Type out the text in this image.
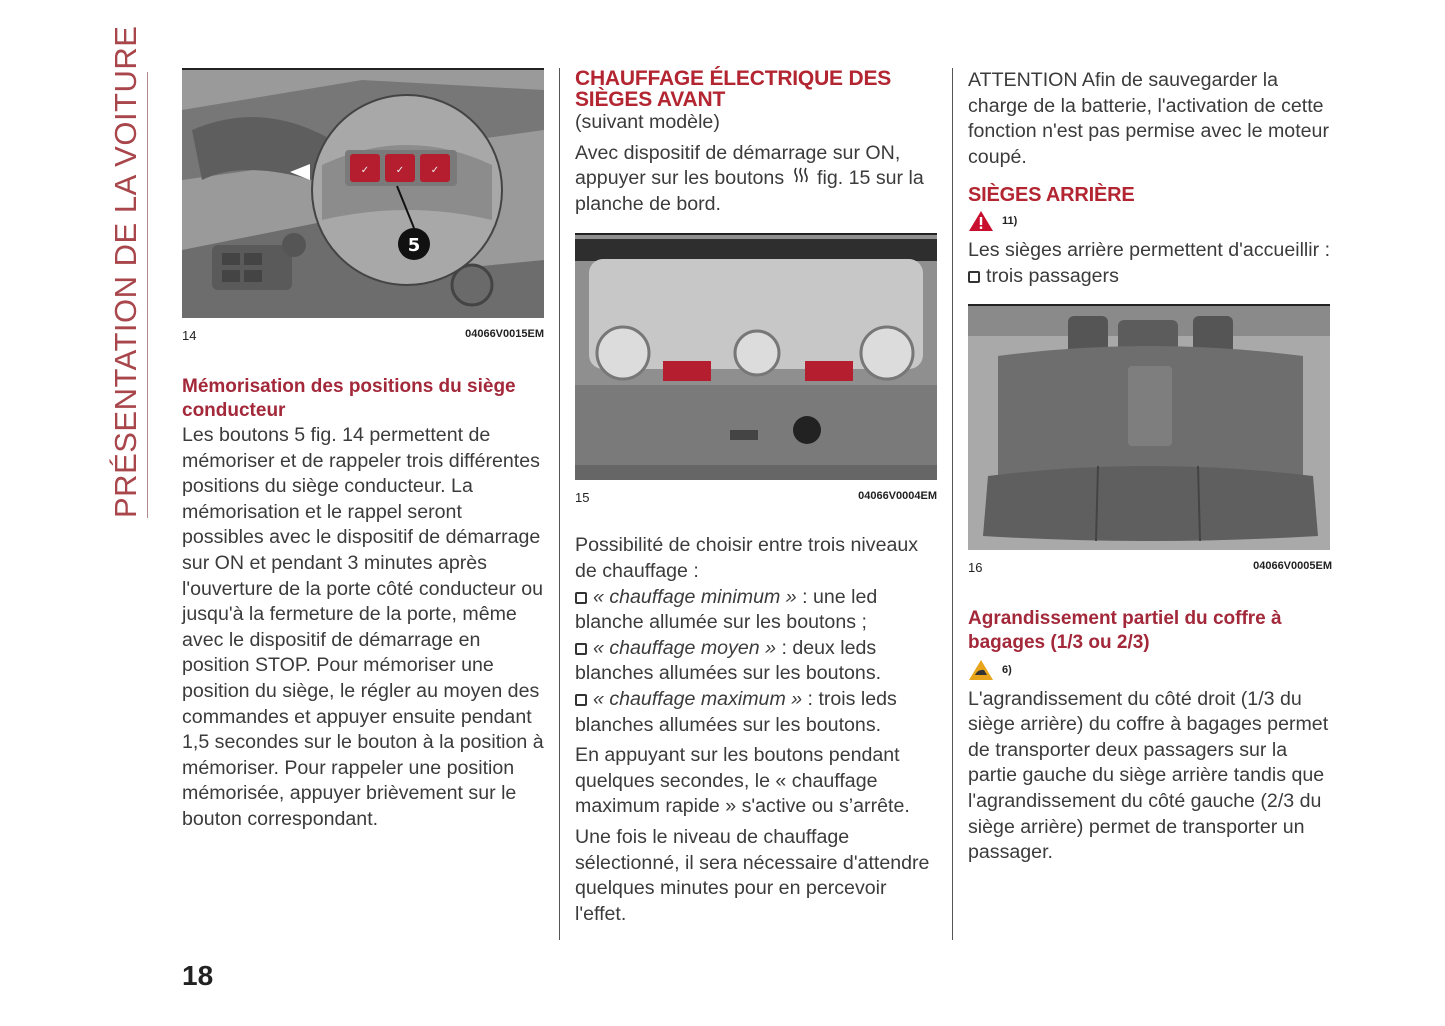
PRÉSENTATION DE LA VOITURE	✓	✓	✓
5
14	04066V0015EM
Mémorisation des positions du siège conducteur

Les boutons 5 fig. 14 permettent de mémoriser et de rappeler trois différentes positions du siège conducteur. La mémorisation et le rappel seront possibles avec le dispositif de démarrage sur ON et pendant 3 minutes après l'ouverture de la porte côté conducteur ou jusqu'à la fermeture de la porte, même avec le dispositif de démarrage en position STOP. Pour mémoriser une position du siège, le régler au moyen des commandes et appuyer ensuite pendant 1,5 secondes sur le bouton à la position à mémoriser. Pour rappeler une position mémorisée, appuyer brièvement sur le bouton correspondant.

CHAUFFAGE ÉLECTRIQUE DES SIÈGES AVANT

(suivant modèle)

Avec dispositif de démarrage sur ON, appuyer sur les boutons fig. 15 sur la planche de bord.

15	04066V0004EM

Possibilité de choisir entre trois niveaux de chauffage :

« chauffage minimum » : une led blanche allumée sur les boutons ;

« chauffage moyen » : deux leds blanches allumées sur les boutons.

« chauffage maximum » : trois leds blanches allumées sur les boutons.

En appuyant sur les boutons pendant quelques secondes, le « chauffage maximum rapide » s'active ou s’arrête.

Une fois le niveau de chauffage sélectionné, il sera nécessaire d'attendre quelques minutes pour en percevoir l'effet.

ATTENTION Afin de sauvegarder la charge de la batterie, l'activation de cette fonction n'est pas permise avec le moteur coupé.

SIÈGES ARRIÈRE
11)

Les sièges arrière permettent d'accueillir :

trois passagers

16	04066V0005EM
Agrandissement partiel du coffre à bagages (1/3 ou 2/3)
6)

L'agrandissement du côté droit (1/3 du siège arrière) du coffre à bagages permet de transporter deux passagers sur la partie gauche du siège arrière tandis que l'agrandissement du côté gauche (2/3 du siège arrière) permet de transporter un passager.

18
